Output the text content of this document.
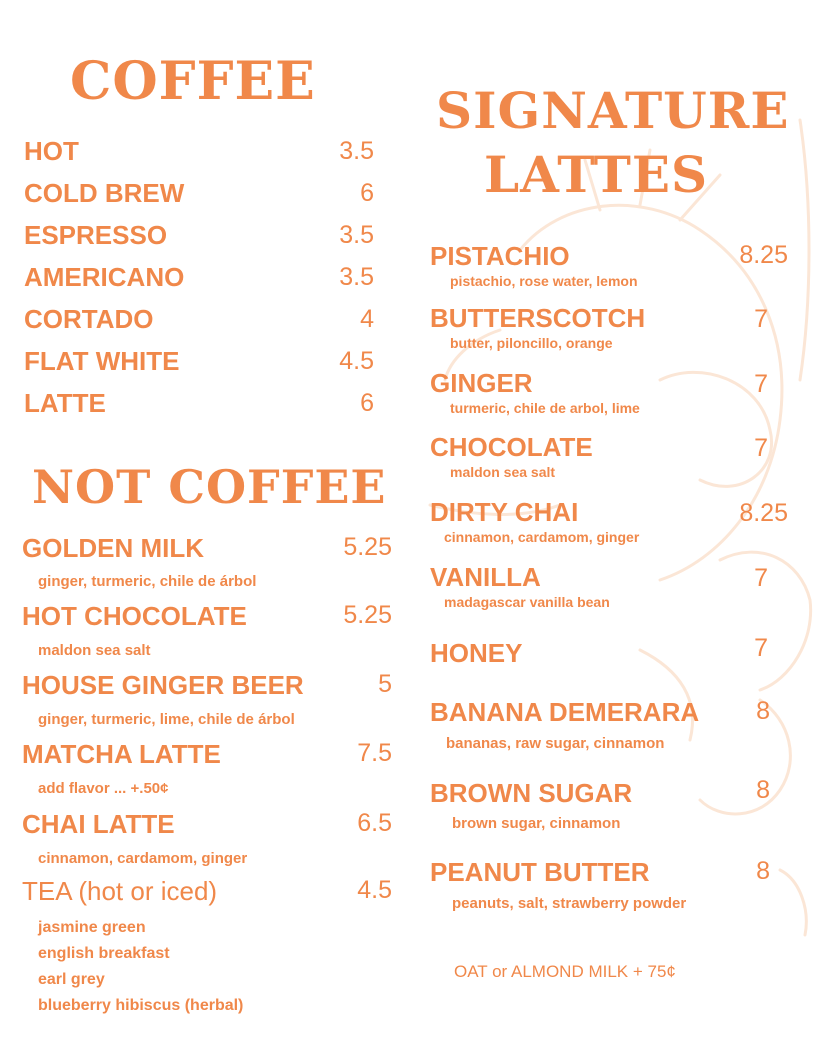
COFFEE
HOT	3.5
COLD BREW	6
ESPRESSO	3.5
AMERICANO	3.5
CORTADO	4
FLAT WHITE	4.5
LATTE	6
NOT COFFEE
GOLDEN MILK	5.25
ginger, turmeric, chile de árbol
HOT CHOCOLATE	5.25
maldon sea salt
HOUSE GINGER BEER	5
ginger, turmeric, lime, chile de árbol
MATCHA LATTE	7.5
add flavor ... +.50¢
CHAI LATTE	6.5
cinnamon, cardamom, ginger
TEA (hot or iced)	4.5
jasmine green
english breakfast
earl grey
blueberry hibiscus (herbal)
SIGNATURE
LATTES
PISTACHIO	8.25
pistachio, rose water, lemon
BUTTERSCOTCH	7
butter, piloncillo, orange
GINGER	7
turmeric, chile de arbol, lime
CHOCOLATE	7
maldon sea salt
DIRTY CHAI	8.25
cinnamon, cardamom, ginger
VANILLA	7
madagascar vanilla bean
HONEY	7
BANANA DEMERARA 8
bananas, raw sugar, cinnamon
BROWN SUGAR	8
brown sugar, cinnamon
PEANUT BUTTER	8
peanuts, salt, strawberry powder
OAT or ALMOND MILK + 75¢
